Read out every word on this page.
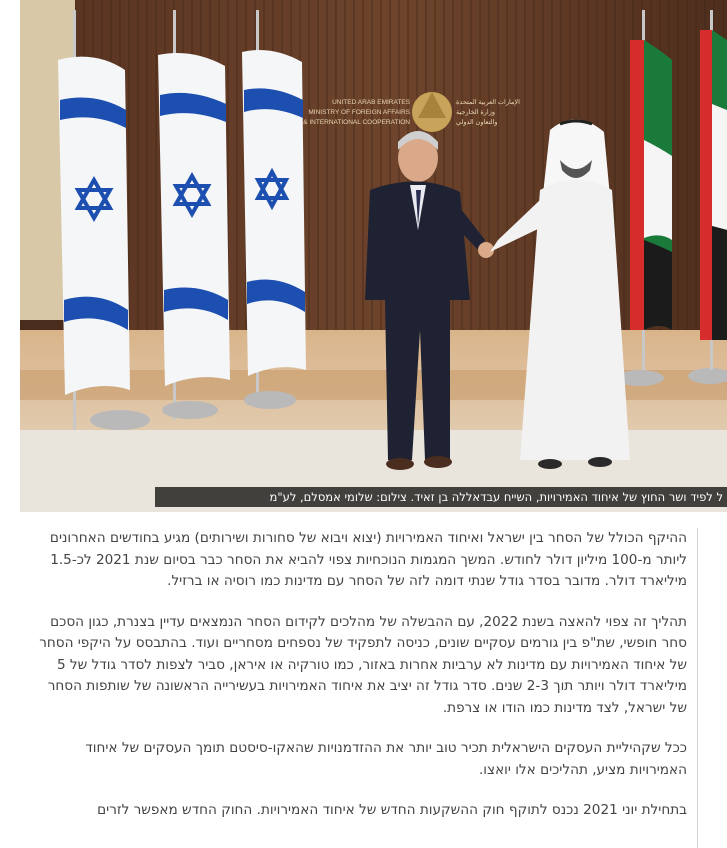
UNITED ARAB EMIRATES
MINISTRY OF FOREIGN AFFAIRS
& INTERNATIONAL COOPERATION
الإمارات العربية المتحدة
وزارة الخارجية
والتعاون الدولي
ל לפיד ושר החוץ של איחוד האמירויות, השייח עבדאללה בן זאיד. צילום: שלומי אמסלם, לע"מ

ההיקף הכולל של הסחר בין ישראל ואיחוד האמירויות (יצוא ויבוא של סחורות ושירותים) מגיע בחודשים האחרונים ליותר מ-100 מיליון דולר לחודש. המשך המגמות הנוכחיות צפוי להביא את הסחר כבר בסיום שנת 2021 לכ-1.5 מיליארד דולר. מדובר בסדר גודל שנתי דומה לזה של הסחר עם מדינות כמו רוסיה או ברזיל.

תהליך זה צפוי להאצה בשנת 2022, עם ההבשלה של מהלכים לקידום הסחר הנמצאים עדיין בצנרת, כגון הסכם סחר חופשי, שת"פ בין גורמים עסקיים שונים, כניסה לתפקיד של נספחים מסחריים ועוד. בהתבסס על היקפי הסחר של איחוד האמירויות עם מדינות לא ערביות אחרות באזור, כמו טורקיה או איראן, סביר לצפות לסדר גודל של 5 מיליארד דולר ויותר תוך 2-3 שנים. סדר גודל זה יציב את איחוד האמירויות בעשירייה הראשונה של שותפות הסחר של ישראל, לצד מדינות כמו הודו או צרפת.

ככל שקהיליית העסקים הישראלית תכיר טוב יותר את ההזדמנויות שהאקו-סיסטם תומך העסקים של איחוד האמירויות מציע, תהליכים אלו יואצו.

בתחילת יוני 2021 נכנס לתוקף חוק ההשקעות החדש של איחוד האמירויות. החוק החדש מאפשר לזרים
